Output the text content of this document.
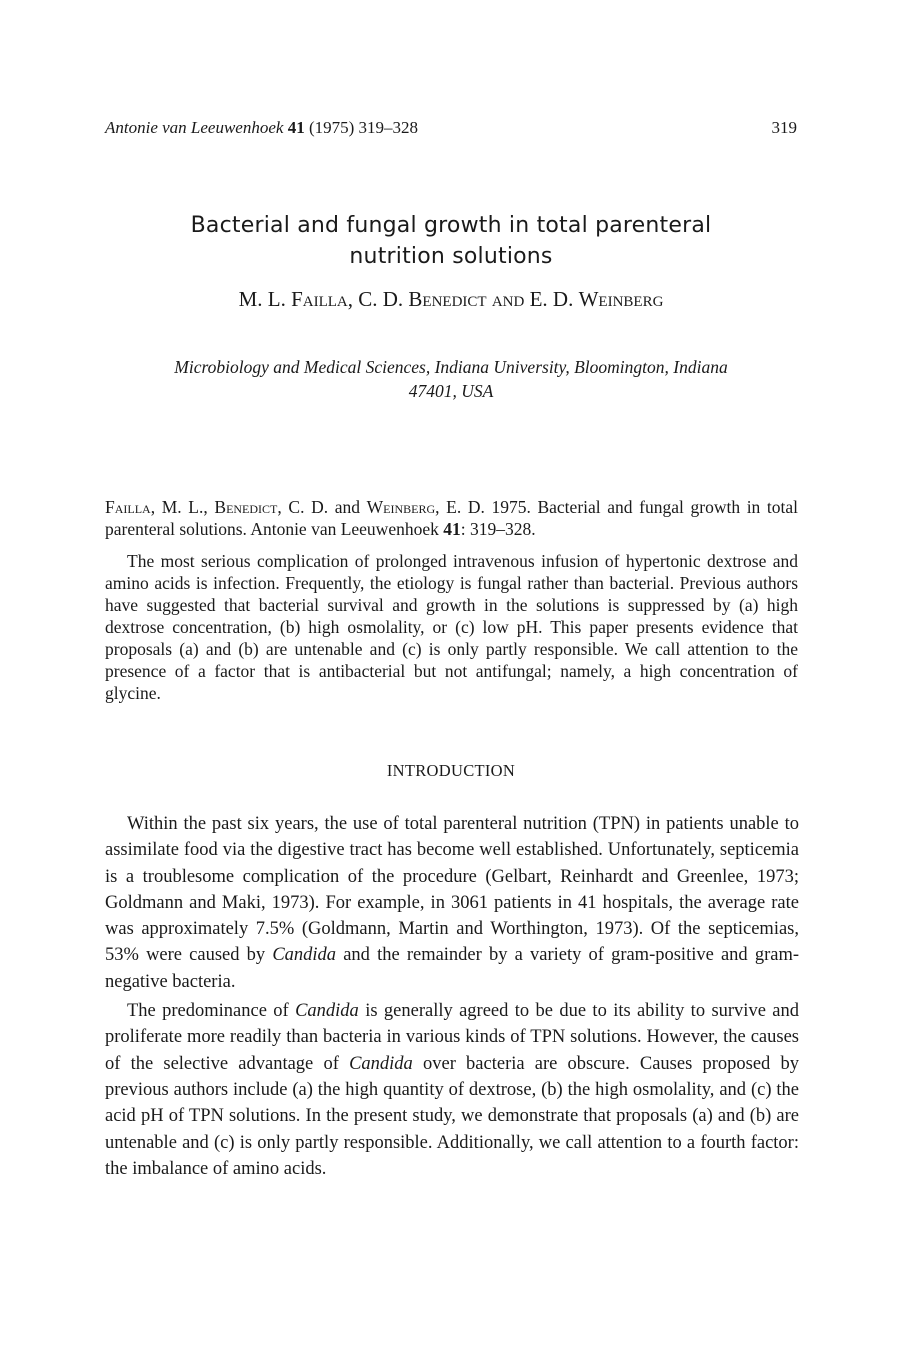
Antonie van Leeuwenhoek 41 (1975) 319–328	319
Bacterial and fungal growth in total parenteral
nutrition solutions
M. L. Failla, C. D. Benedict and E. D. Weinberg
Microbiology and Medical Sciences, Indiana University, Bloomington, Indiana
47401, USA

Failla, M. L., Benedict, C. D. and Weinberg, E. D. 1975. Bacterial and fungal growth in total parenteral solutions. Antonie van Leeuwenhoek 41: 319–328.

The most serious complication of prolonged intravenous infusion of hypertonic dextrose and amino acids is infection. Frequently, the etiology is fungal rather than bacterial. Previous authors have suggested that bacterial survival and growth in the solutions is suppressed by (a) high dextrose concentration, (b) high osmolality, or (c) low pH. This paper presents evidence that proposals (a) and (b) are untenable and (c) is only partly responsible. We call attention to the presence of a factor that is antibacterial but not antifungal; namely, a high concentration of glycine.

INTRODUCTION

Within the past six years, the use of total parenteral nutrition (TPN) in patients unable to assimilate food via the digestive tract has become well established. Unfortunately, septicemia is a troublesome complication of the procedure (Gelbart, Reinhardt and Greenlee, 1973; Goldmann and Maki, 1973). For example, in 3061 patients in 41 hospitals, the average rate was approximately 7.5% (Goldmann, Martin and Worthington, 1973). Of the septicemias, 53% were caused by Candida and the remainder by a variety of gram-positive and gram-negative bacteria.

The predominance of Candida is generally agreed to be due to its ability to survive and proliferate more readily than bacteria in various kinds of TPN solutions. However, the causes of the selective advantage of Candida over bacteria are obscure. Causes proposed by previous authors include (a) the high quantity of dextrose, (b) the high osmolality, and (c) the acid pH of TPN solutions. In the present study, we demonstrate that proposals (a) and (b) are untenable and (c) is only partly responsible. Additionally, we call attention to a fourth factor: the imbalance of amino acids.
